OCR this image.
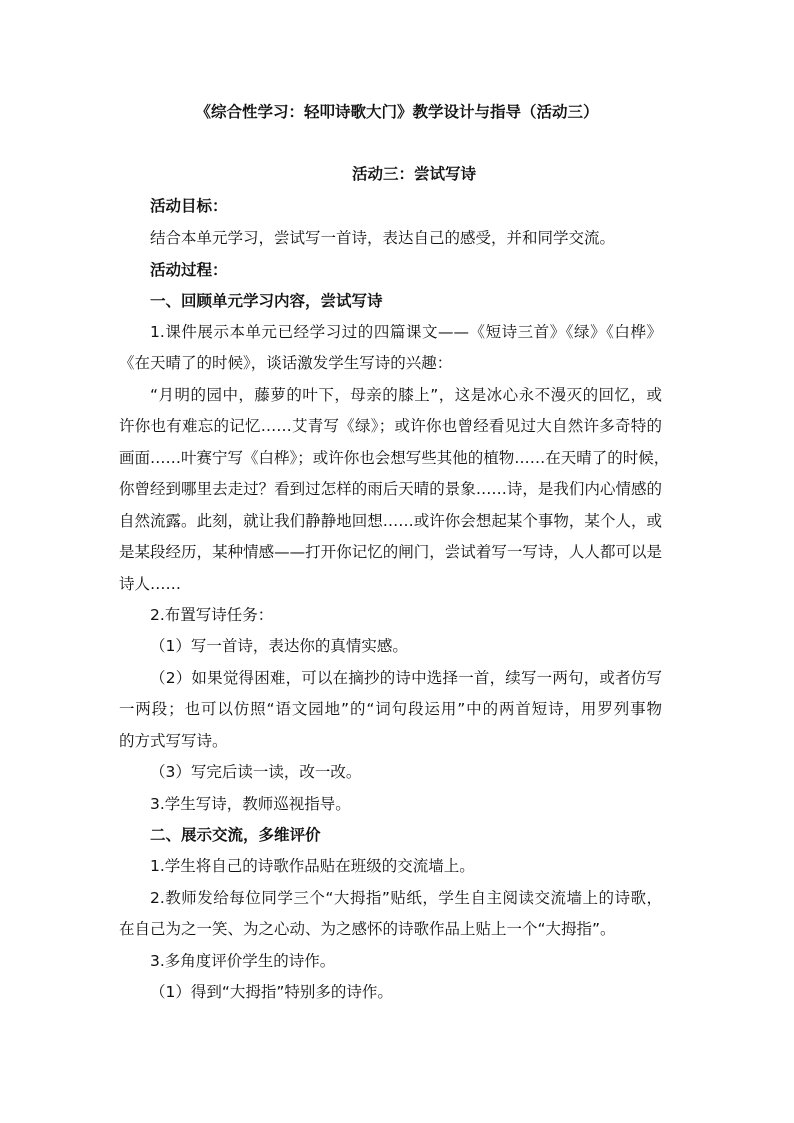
《综合性学习：轻叩诗歌大门》教学设计与指导（活动三）
活动三：尝试写诗
活动目标：
结合本单元学习，尝试写一首诗，表达自己的感受，并和同学交流。
活动过程：
一、回顾单元学习内容，尝试写诗
1.课件展示本单元已经学习过的四篇课文——《短诗三首》《绿》《白桦》
《在天晴了的时候》，谈话激发学生写诗的兴趣：
“月明的园中，藤萝的叶下，母亲的膝上”，这是冰心永不漫灭的回忆，或
许你也有难忘的记忆……艾青写《绿》；或许你也曾经看见过大自然许多奇特的
画面……叶赛宁写《白桦》；或许你也会想写些其他的植物……在天晴了的时候，
你曾经到哪里去走过？看到过怎样的雨后天晴的景象……诗，是我们内心情感的
自然流露。此刻，就让我们静静地回想……或许你会想起某个事物，某个人，或
是某段经历，某种情感——打开你记忆的闸门，尝试着写一写诗，人人都可以是
诗人……
2.布置写诗任务：
（1）写一首诗，表达你的真情实感。
（2）如果觉得困难，可以在摘抄的诗中选择一首，续写一两句，或者仿写
一两段；也可以仿照“语文园地”的“词句段运用”中的两首短诗，用罗列事物
的方式写写诗。
（3）写完后读一读，改一改。
3.学生写诗，教师巡视指导。
二、展示交流，多维评价
1.学生将自己的诗歌作品贴在班级的交流墙上。
2.教师发给每位同学三个“大拇指”贴纸，学生自主阅读交流墙上的诗歌，
在自己为之一笑、为之心动、为之感怀的诗歌作品上贴上一个“大拇指”。
3.多角度评价学生的诗作。
（1）得到“大拇指”特别多的诗作。
